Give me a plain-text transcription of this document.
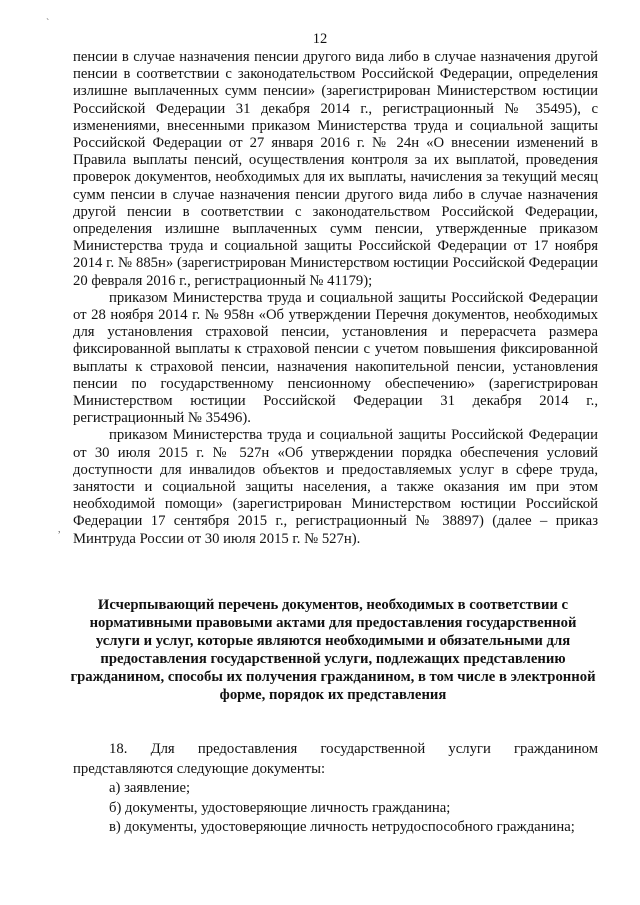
`
,
12

пенсии в случае назначения пенсии другого вида либо в случае назначения другой пенсии в соответствии с законодательством Российской Федерации, определения излишне выплаченных сумм пенсии» (зарегистрирован Министерством юстиции Российской Федерации 31 декабря 2014 г., регистрационный № 35495), с изменениями, внесенными приказом Министерства труда и социальной защиты Российской Федерации от 27 января 2016 г. № 24н «О внесении изменений в Правила выплаты пенсий, осуществления контроля за их выплатой, проведения проверок документов, необходимых для их выплаты, начисления за текущий месяц сумм пенсии в случае назначения пенсии другого вида либо в случае назначения другой пенсии в соответствии с законодательством Российской Федерации, определения излишне выплаченных сумм пенсии, утвержденные приказом Министерства труда и социальной защиты Российской Федерации от 17 ноября 2014 г. № 885н» (зарегистрирован Министерством юстиции Российской Федерации 20 февраля 2016 г., регистрационный № 41179);

приказом Министерства труда и социальной защиты Российской Федерации от 28 ноября 2014 г. № 958н «Об утверждении Перечня документов, необходимых для установления страховой пенсии, установления и перерасчета размера фиксированной выплаты к страховой пенсии с учетом повышения фиксированной выплаты к страховой пенсии, назначения накопительной пенсии, установления пенсии по государственному пенсионному обеспечению» (зарегистрирован Министерством юстиции Российской Федерации 31 декабря 2014 г., регистрационный № 35496).

приказом Министерства труда и социальной защиты Российской Федерации от 30 июля 2015 г. № 527н «Об утверждении порядка обеспечения условий доступности для инвалидов объектов и предоставляемых услуг в сфере труда, занятости и социальной защиты населения, а также оказания им при этом необходимой помощи» (зарегистрирован Министерством юстиции Российской Федерации 17 сентября 2015 г., регистрационный № 38897) (далее – приказ Минтруда России от 30 июля 2015 г. № 527н).

Исчерпывающий перечень документов, необходимых в соответствии с нормативными правовыми актами для предоставления государственной услуги и услуг, которые являются необходимыми и обязательными для предоставления государственной услуги, подлежащих представлению гражданином, способы их получения гражданином, в том числе в электронной форме, порядок их представления

18. Для предоставления государственной услуги гражданином представляются следующие документы:

а) заявление;

б) документы, удостоверяющие личность гражданина;

в) документы, удостоверяющие личность нетрудоспособного гражданина;
